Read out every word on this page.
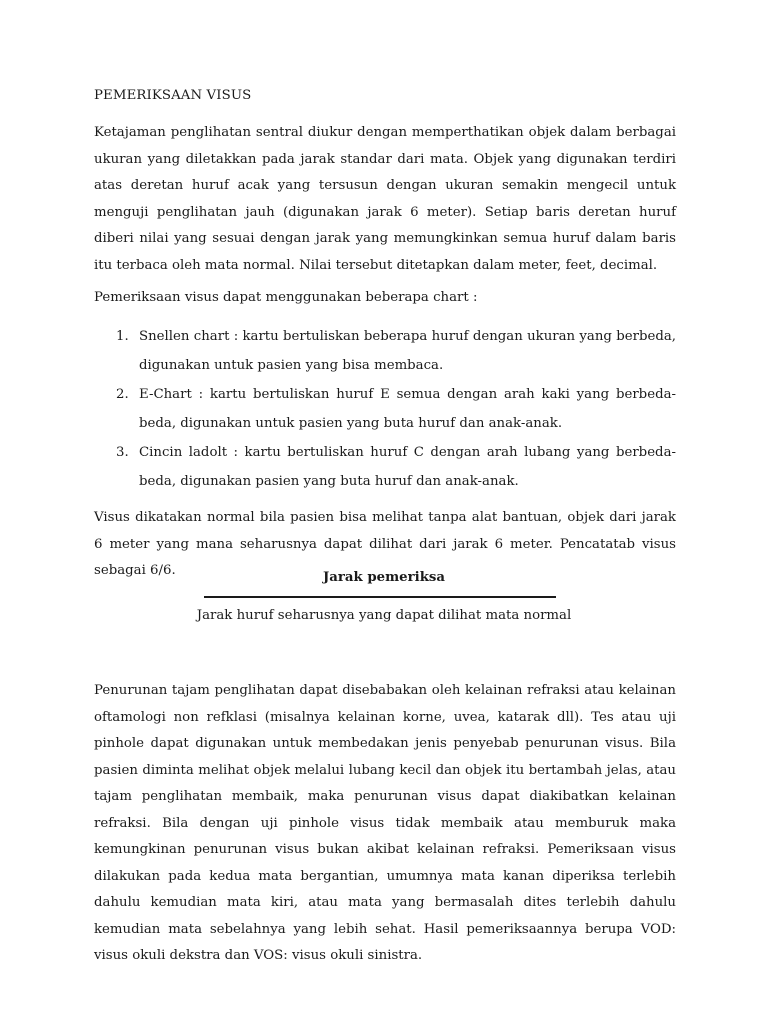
PEMERIKSAAN VISUS

Ketajaman penglihatan sentral diukur dengan memperthatikan objek dalam berbagai ukuran yang diletakkan pada jarak standar dari mata. Objek yang digunakan terdiri atas deretan huruf acak yang tersusun dengan ukuran semakin mengecil untuk menguji penglihatan jauh (digunakan jarak 6 meter). Setiap baris deretan huruf diberi nilai yang sesuai dengan jarak yang memungkinkan semua huruf dalam baris itu terbaca oleh mata normal. Nilai tersebut ditetapkan dalam meter, feet, decimal.

Pemeriksaan visus dapat menggunakan beberapa chart :

1. Snellen chart : kartu bertuliskan beberapa huruf dengan ukuran yang berbeda, digunakan untuk pasien yang bisa membaca.
2. E-Chart : kartu bertuliskan huruf E semua dengan arah kaki yang berbeda-beda, digunakan untuk pasien yang buta huruf dan anak-anak.
3. Cincin ladolt : kartu bertuliskan huruf C dengan arah lubang yang berbeda-beda, digunakan pasien yang buta huruf dan anak-anak.

Visus dikatakan normal bila pasien bisa melihat tanpa alat bantuan, objek dari jarak 6 meter yang mana seharusnya dapat dilihat dari jarak 6 meter. Pencatatab visus sebagai 6/6.	Jarak pemeriksa
Jarak huruf seharusnya yang dapat dilihat mata normal

Penurunan tajam penglihatan dapat disebabakan oleh kelainan refraksi atau kelainan oftamologi non refklasi (misalnya kelainan korne, uvea, katarak dll). Tes atau uji pinhole dapat digunakan untuk membedakan jenis penyebab penurunan visus. Bila pasien diminta melihat objek melalui lubang kecil dan objek itu bertambah jelas, atau tajam penglihatan membaik, maka penurunan visus dapat diakibatkan kelainan refraksi. Bila dengan uji pinhole visus tidak membaik atau memburuk maka kemungkinan penurunan visus bukan akibat kelainan refraksi. Pemeriksaan visus dilakukan pada kedua mata bergantian, umumnya mata kanan diperiksa terlebih dahulu kemudian mata kiri, atau mata yang bermasalah dites terlebih dahulu kemudian mata sebelahnya yang lebih sehat. Hasil pemeriksaannya berupa VOD: visus okuli dekstra dan VOS: visus okuli sinistra.
